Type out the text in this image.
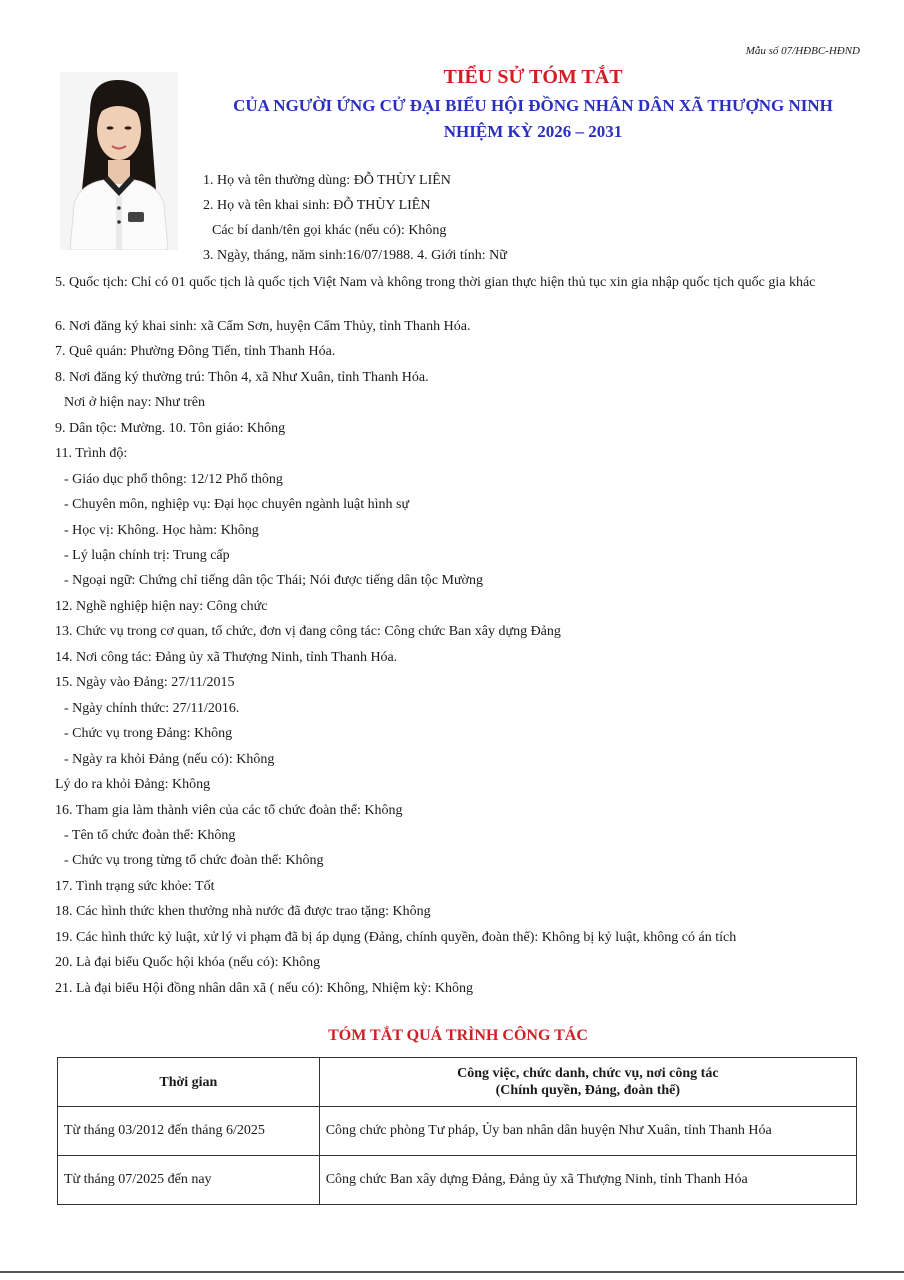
Mẫu số 07/HĐBC-HĐND
TIỂU SỬ TÓM TẮT
CỦA NGƯỜI ỨNG CỬ ĐẠI BIỂU HỘI ĐỒNG NHÂN DÂN XÃ THƯỢNG NINH
NHIỆM KỲ 2026 – 2031
1. Họ và tên thường dùng: ĐỖ THÙY LIÊN
2. Họ và tên khai sinh: ĐỖ THÙY LIÊN
Các bí danh/tên gọi khác (nếu có): Không
3. Ngày, tháng, năm sinh:16/07/1988. 4. Giới tính: Nữ
5. Quốc tịch: Chỉ có 01 quốc tịch là quốc tịch Việt Nam và không trong thời gian thực hiện thủ tục xin gia nhập quốc tịch quốc gia khác
6. Nơi đăng ký khai sinh: xã Cẩm Sơn, huyện Cẩm Thủy, tỉnh Thanh Hóa.
7. Quê quán: Phường Đông Tiến, tỉnh Thanh Hóa.
8. Nơi đăng ký thường trú: Thôn 4, xã Như Xuân, tỉnh Thanh Hóa.
Nơi ở hiện nay: Như trên
9. Dân tộc: Mường. 10. Tôn giáo: Không
11. Trình độ:
- Giáo dục phổ thông: 12/12 Phổ thông
- Chuyên môn, nghiệp vụ: Đại học chuyên ngành luật hình sự
- Học vị: Không. Học hàm: Không
- Lý luận chính trị: Trung cấp
- Ngoại ngữ: Chứng chỉ tiếng dân tộc Thái; Nói được tiếng dân tộc Mường
12. Nghề nghiệp hiện nay: Công chức
13. Chức vụ trong cơ quan, tổ chức, đơn vị đang công tác: Công chức Ban xây dựng Đảng
14. Nơi công tác: Đảng ủy xã Thượng Ninh, tỉnh Thanh Hóa.
15. Ngày vào Đảng: 27/11/2015
- Ngày chính thức: 27/11/2016.
- Chức vụ trong Đảng: Không
- Ngày ra khỏi Đảng (nếu có): Không
Lý do ra khỏi Đảng: Không
16. Tham gia làm thành viên của các tổ chức đoàn thể: Không
- Tên tổ chức đoàn thể: Không
- Chức vụ trong từng tổ chức đoàn thể: Không
17. Tình trạng sức khỏe: Tốt
18. Các hình thức khen thưởng nhà nước đã được trao tặng: Không
19. Các hình thức kỷ luật, xử lý vi phạm đã bị áp dụng (Đảng, chính quyền, đoàn thể): Không bị kỷ luật, không có án tích
20. Là đại biểu Quốc hội khóa (nếu có): Không
21. Là đại biểu Hội đồng nhân dân xã ( nếu có): Không, Nhiệm kỳ: Không
TÓM TẮT QUÁ TRÌNH CÔNG TÁC
Thời gian	Công việc, chức danh, chức vụ, nơi công tác
(Chính quyền, Đảng, đoàn thể)

Từ tháng 03/2012 đến tháng 6/2025	Công chức phòng Tư pháp, Ủy ban nhân dân huyện Như Xuân, tỉnh Thanh Hóa
Từ tháng 07/2025 đến nay	Công chức Ban xây dựng Đảng, Đảng ủy xã Thượng Ninh, tỉnh Thanh Hóa
